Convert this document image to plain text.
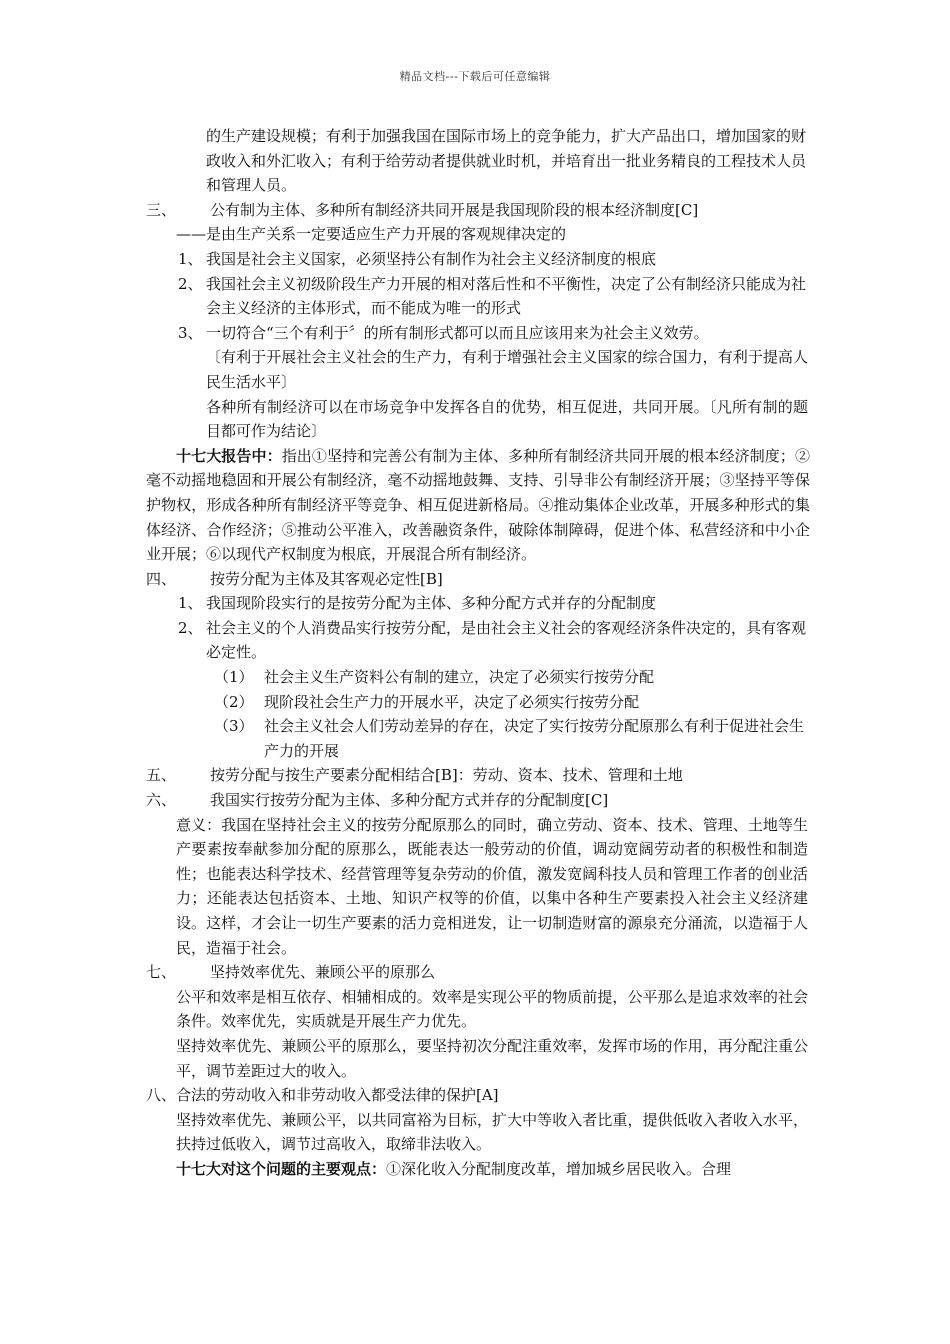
精品文档---下载后可任意编辑

的生产建设规模；有利于加强我国在国际市场上的竞争能力，扩大产品出口，增加国家的财政收入和外汇收入；有利于给劳动者提供就业时机，并培育出一批业务精良的工程技术人员和管理人员。

三、 公有制为主体、多种所有制经济共同开展是我国现阶段的根本经济制度[C]

——是由生产关系一定要适应生产力开展的客观规律决定的

1、 我国是社会主义国家，必须坚持公有制作为社会主义经济制度的根底

2、 我国社会主义初级阶段生产力开展的相对落后性和不平衡性，决定了公有制经济只能成为社会主义经济的主体形式，而不能成为唯一的形式

3、 一切符合“三个有利于〞的所有制形式都可以而且应该用来为社会主义效劳。

〔有利于开展社会主义社会的生产力，有利于增强社会主义国家的综合国力，有利于提高人民生活水平〕

各种所有制经济可以在市场竞争中发挥各自的优势，相互促进，共同开展。〔凡所有制的题目都可作为结论〕

十七大报告中：指出①坚持和完善公有制为主体、多种所有制经济共同开展的根本经济制度；②毫不动摇地稳固和开展公有制经济，毫不动摇地鼓舞、支持、引导非公有制经济开展；③坚持平等保护物权，形成各种所有制经济平等竞争、相互促进新格局。④推动集体企业改革，开展多种形式的集体经济、合作经济；⑤推动公平准入，改善融资条件，破除体制障碍，促进个体、私营经济和中小企业开展；⑥以现代产权制度为根底，开展混合所有制经济。

四、 按劳分配为主体及其客观必定性[B]

1、 我国现阶段实行的是按劳分配为主体、多种分配方式并存的分配制度

2、 社会主义的个人消费品实行按劳分配，是由社会主义社会的客观经济条件决定的，具有客观必定性。

（1） 社会主义生产资料公有制的建立，决定了必须实行按劳分配

（2） 现阶段社会生产力的开展水平，决定了必须实行按劳分配

（3） 社会主义社会人们劳动差异的存在，决定了实行按劳分配原那么有利于促进社会生产力的开展

五、 按劳分配与按生产要素分配相结合[B]：劳动、资本、技术、管理和土地

六、 我国实行按劳分配为主体、多种分配方式并存的分配制度[C]

意义：我国在坚持社会主义的按劳分配原那么的同时，确立劳动、资本、技术、管理、土地等生产要素按奉献参加分配的原那么，既能表达一般劳动的价值，调动宽阔劳动者的积极性和制造性；也能表达科学技术、经营管理等复杂劳动的价值，激发宽阔科技人员和管理工作者的创业活力；还能表达包括资本、土地、知识产权等的价值，以集中各种生产要素投入社会主义经济建设。这样，才会让一切生产要素的活力竞相迸发，让一切制造财富的源泉充分涌流，以造福于人民，造福于社会。

七、 坚持效率优先、兼顾公平的原那么

公平和效率是相互依存、相辅相成的。效率是实现公平的物质前提，公平那么是追求效率的社会条件。效率优先，实质就是开展生产力优先。

坚持效率优先、兼顾公平的原那么，要坚持初次分配注重效率，发挥市场的作用，再分配注重公平，调节差距过大的收入。

八、合法的劳动收入和非劳动收入都受法律的保护[A]

坚持效率优先、兼顾公平，以共同富裕为目标，扩大中等收入者比重，提供低收入者收入水平，扶持过低收入，调节过高收入，取缔非法收入。

十七大对这个问题的主要观点：①深化收入分配制度改革，增加城乡居民收入。合理
